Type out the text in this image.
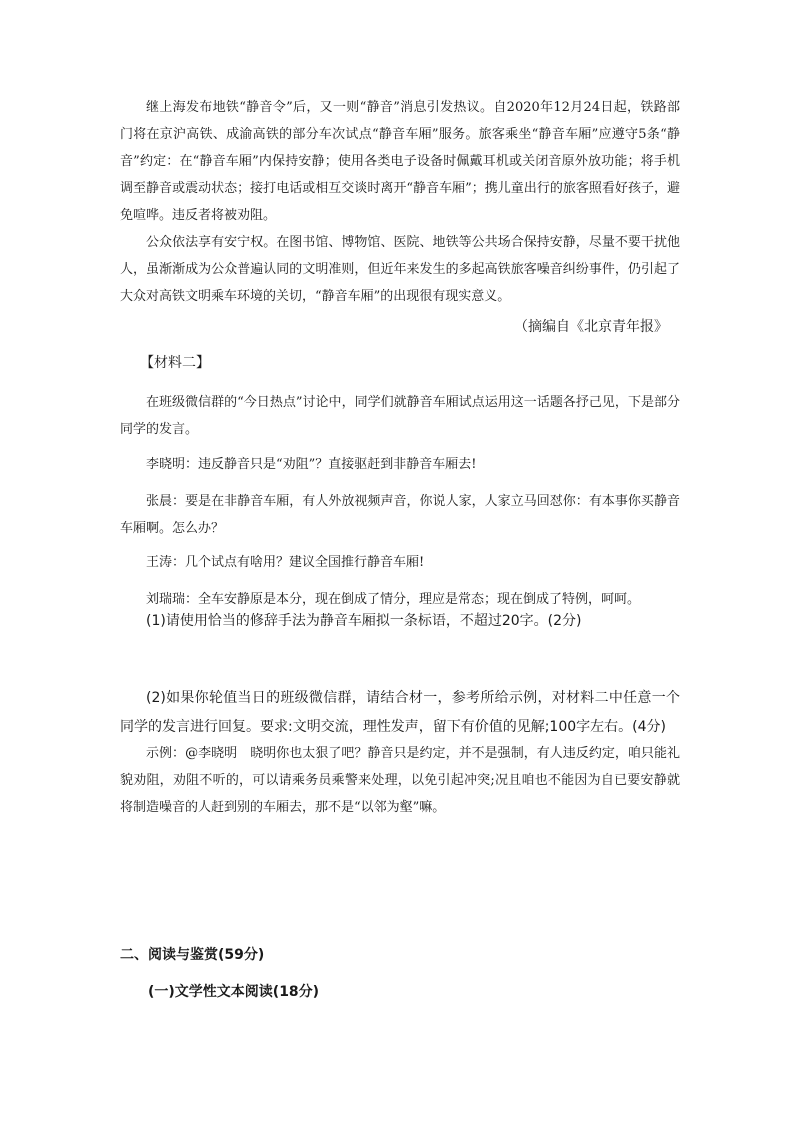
继上海发布地铁“静音令”后，又一则“静音”消息引发热议。自2020年12月24日起，铁路部门将在京沪高铁、成渝高铁的部分车次试点“静音车厢”服务。旅客乘坐“静音车厢”应遵守5条“静音”约定：在“静音车厢”内保持安静；使用各类电子设备时佩戴耳机或关闭音原外放功能；将手机调至静音或震动状态；接打电话或相互交谈时离开“静音车厢”；携儿童出行的旅客照看好孩子，避免喧哗。违反者将被劝阻。

公众依法享有安宁权。在图书馆、博物馆、医院、地铁等公共场合保持安静，尽量不要干扰他人，虽渐渐成为公众普遍认同的文明准则，但近年来发生的多起高铁旅客噪音纠纷事件，仍引起了大众对高铁文明乘车环境的关切，“静音车厢”的出现很有现实意义。

（摘编自《北京青年报》
【材料二】

在班级微信群的“今日热点”讨论中，同学们就静音车厢试点运用这一话题各抒己见，下是部分同学的发言。

李晓明：违反静音只是“劝阻”？直接驱赶到非静音车厢去!

张晨：要是在非静音车厢，有人外放视频声音，你说人家，人家立马回怼你：有本事你买静音车厢啊。怎么办？

王涛：几个试点有啥用？建议全国推行静音车厢!

刘瑞瑞：全车安静原是本分，现在倒成了情分，理应是常态；现在倒成了特例，呵呵。

(1)请使用恰当的修辞手法为静音车厢拟一条标语，不超过20字。(2分)

(2)如果你轮值当日的班级微信群，请结合材一，参考所给示例，对材料二中任意一个同学的发言进行回复。要求:文明交流，理性发声，留下有价值的见解;100字左右。(4分)

示例：@李晓明　晓明你也太狠了吧？静音只是约定，并不是强制，有人违反约定，咱只能礼貌劝阻，劝阻不听的，可以请乘务员乘警来处理，以免引起冲突;况且咱也不能因为自已要安静就将制造噪音的人赶到别的车厢去，那不是“以邻为壑”嘛。

二、阅读与鉴赏(59分)
(一)文学性文本阅读(18分)
